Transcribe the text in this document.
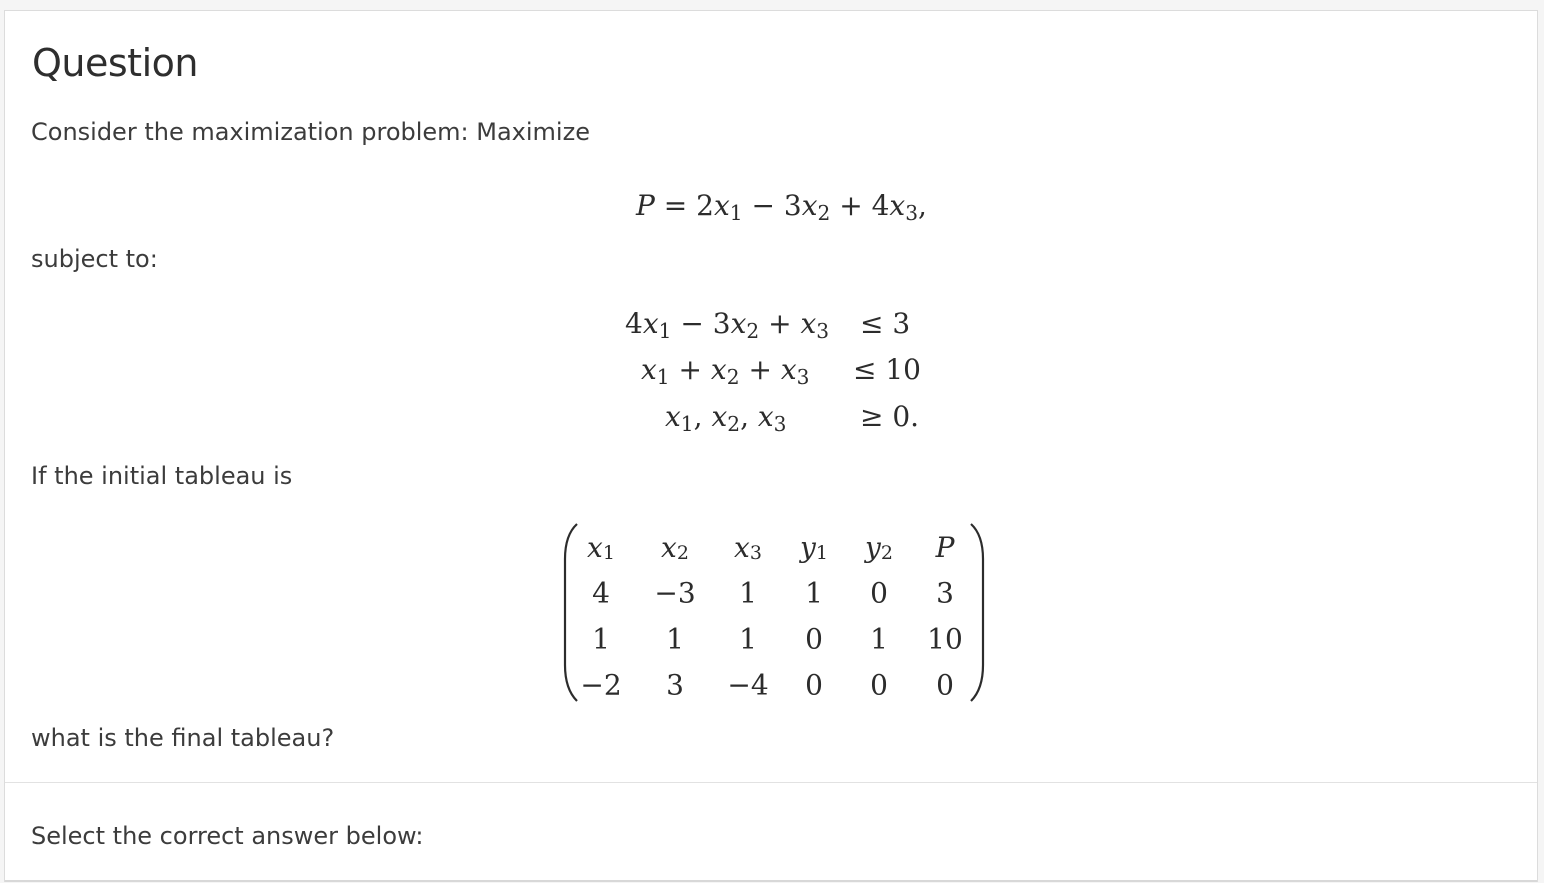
Question
Consider the maximization problem: Maximize
$P = 2x_1 - 3x_2 + 4x_3$,
subject to:
$4x_1 - 3x_2 + x_3 \le 3$
$x_1 + x_2 + x_3 \le 10$
$x_1$, $x_2$, $x_3$	≥ 0.
If the initial tableau is
x1 x2 x3 y1 y2 P
4 −3 1 1 0 3
1 1 1 0 1 10
−2 3 −4 0 0 0
what is the final tableau?
Select the correct answer below:
